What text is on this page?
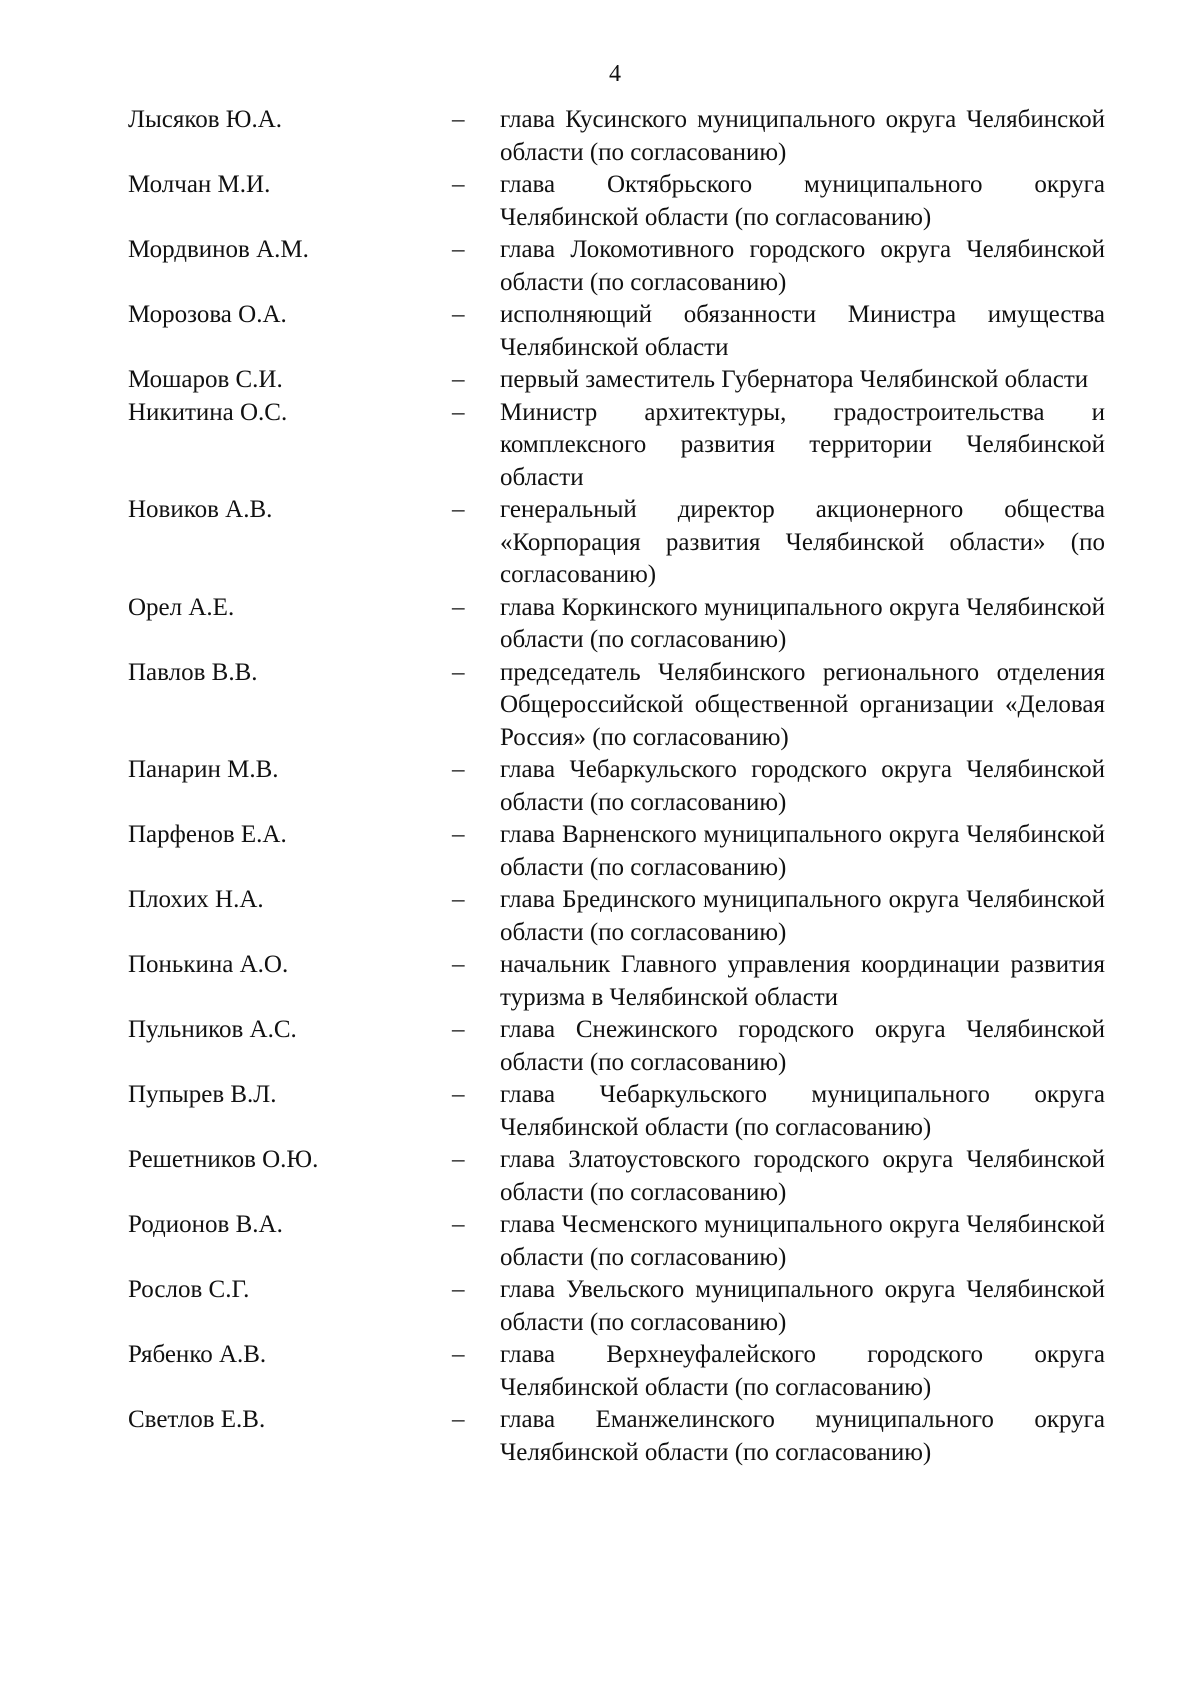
4
Лысяков Ю.А.	– глава Кусинского муниципального округа Челябинской области (по согласованию)
Молчан М.И.	– глава Октябрьского муниципального округа Челябинской области (по согласованию)
Мордвинов А.М.	– глава Локомотивного городского округа Челябинской области (по согласованию)
Морозова О.А.	– исполняющий обязанности Министра имущества Челябинской области
Мошаров С.И.	– первый заместитель Губернатора Челябинской области
Никитина О.С.	– Министр архитектуры, градостроительства и комплексного развития территории Челябинской области
Новиков А.В.	– генеральный директор акционерного общества «Корпорация развития Челябинской области» (по согласованию)
Орел А.Е.	– глава Коркинского муниципального округа Челябинской области (по согласованию)
Павлов В.В.	– председатель Челябинского регионального отделения Общероссийской общественной организации «Деловая Россия» (по согласованию)
Панарин М.В.	– глава Чебаркульского городского округа Челябинской области (по согласованию)
Парфенов Е.А.	– глава Варненского муниципального округа Челябинской области (по согласованию)
Плохих Н.А.	– глава Брединского муниципального округа Челябинской области (по согласованию)
Понькина А.О.	– начальник Главного управления координации развития туризма в Челябинской области
Пульников А.С.	– глава Снежинского городского округа Челябинской области (по согласованию)
Пупырев В.Л.	– глава Чебаркульского муниципального округа Челябинской области (по согласованию)
Решетников О.Ю.	– глава Златоустовского городского округа Челябинской области (по согласованию)
Родионов В.А.	– глава Чесменского муниципального округа Челябинской области (по согласованию)
Рослов С.Г.	– глава Увельского муниципального округа Челябинской области (по согласованию)
Рябенко А.В.	– глава Верхнеуфалейского городского округа Челябинской области (по согласованию)
Светлов Е.В.	– глава Еманжелинского муниципального округа Челябинской области (по согласованию)
